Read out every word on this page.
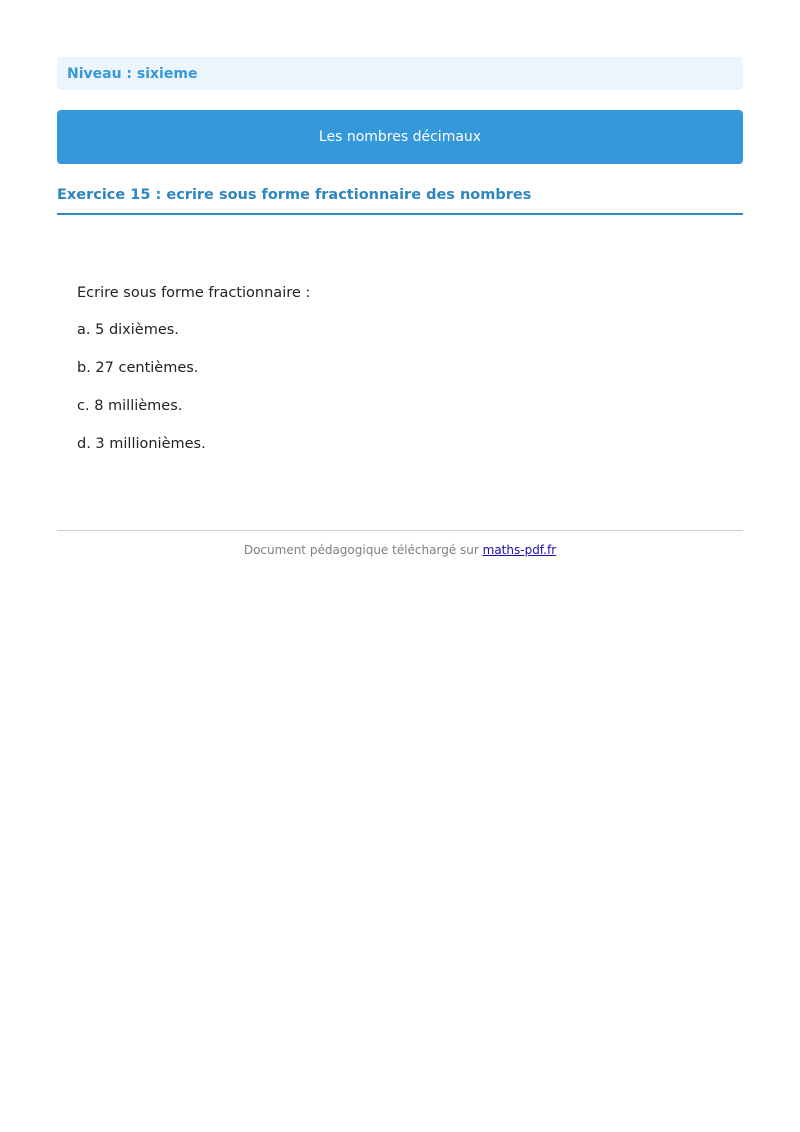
Niveau : sixieme
Les nombres décimaux
Exercice 15 : ecrire sous forme fractionnaire des nombres
Ecrire sous forme fractionnaire :
a. 5 dixièmes.
b. 27 centièmes.
c. 8 millièmes.
d. 3 millionièmes.
Document pédagogique téléchargé sur maths-pdf.fr
